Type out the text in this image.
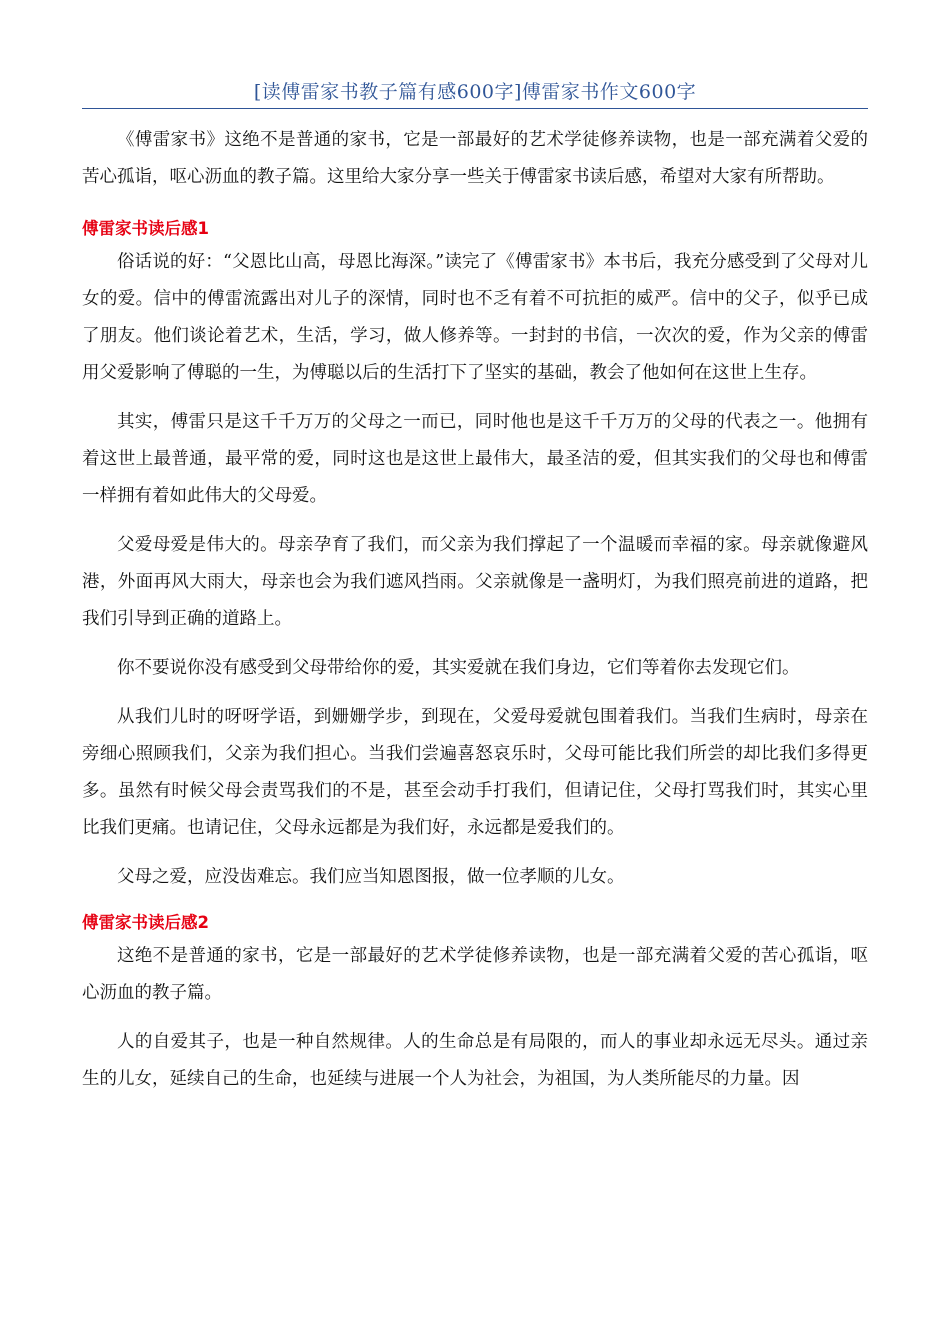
[读傅雷家书教子篇有感600字]傅雷家书作文600字

《傅雷家书》这绝不是普通的家书，它是一部最好的艺术学徒修养读物，也是一部充满着父爱的苦心孤诣，呕心沥血的教子篇。这里给大家分享一些关于傅雷家书读后感，希望对大家有所帮助。

傅雷家书读后感1

俗话说的好：“父恩比山高，母恩比海深。”读完了《傅雷家书》本书后，我充分感受到了父母对儿女的爱。信中的傅雷流露出对儿子的深情，同时也不乏有着不可抗拒的威严。信中的父子，似乎已成了朋友。他们谈论着艺术，生活，学习，做人修养等。一封封的书信，一次次的爱，作为父亲的傅雷用父爱影响了傅聪的一生，为傅聪以后的生活打下了坚实的基础，教会了他如何在这世上生存。

其实，傅雷只是这千千万万的父母之一而已，同时他也是这千千万万的父母的代表之一。他拥有着这世上最普通，最平常的爱，同时这也是这世上最伟大，最圣洁的爱，但其实我们的父母也和傅雷一样拥有着如此伟大的父母爱。

父爱母爱是伟大的。母亲孕育了我们，而父亲为我们撑起了一个温暖而幸福的家。母亲就像避风港，外面再风大雨大，母亲也会为我们遮风挡雨。父亲就像是一盏明灯，为我们照亮前进的道路，把我们引导到正确的道路上。

你不要说你没有感受到父母带给你的爱，其实爱就在我们身边，它们等着你去发现它们。

从我们儿时的呀呀学语，到姗姗学步，到现在，父爱母爱就包围着我们。当我们生病时，母亲在旁细心照顾我们，父亲为我们担心。当我们尝遍喜怒哀乐时，父母可能比我们所尝的却比我们多得更多。虽然有时候父母会责骂我们的不是，甚至会动手打我们，但请记住，父母打骂我们时，其实心里比我们更痛。也请记住，父母永远都是为我们好，永远都是爱我们的。

父母之爱，应没齿难忘。我们应当知恩图报，做一位孝顺的儿女。

傅雷家书读后感2

这绝不是普通的家书，它是一部最好的艺术学徒修养读物，也是一部充满着父爱的苦心孤诣，呕心沥血的教子篇。

人的自爱其子，也是一种自然规律。人的生命总是有局限的，而人的事业却永远无尽头。通过亲生的儿女，延续自己的生命，也延续与进展一个人为社会，为祖国，为人类所能尽的力量。因
